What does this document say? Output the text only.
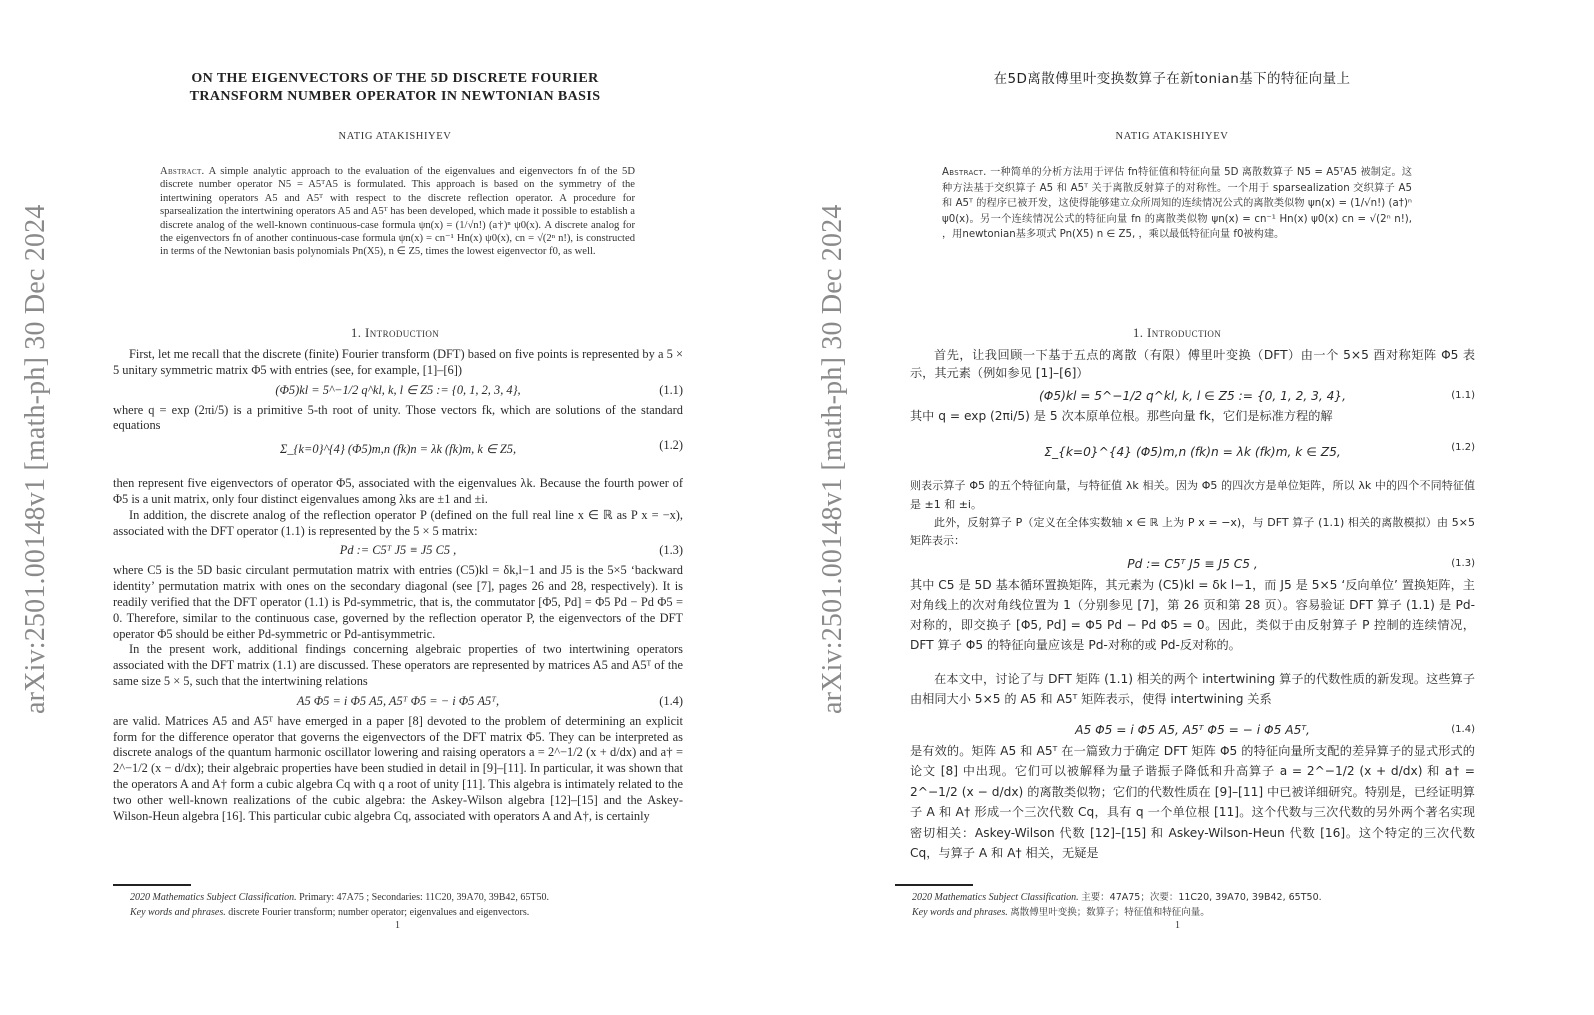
arXiv:2501.00148v1 [math-ph] 30 Dec 2024
ON THE EIGENVECTORS OF THE 5D DISCRETE FOURIER
TRANSFORM NUMBER OPERATOR IN NEWTONIAN BASIS
NATIG ATAKISHIYEV
Abstract. A simple analytic approach to the evaluation of the eigenvalues and eigenvectors fn of the 5D discrete number operator N5 = A5ᵀA5 is formulated. This approach is based on the symmetry of the intertwining operators A5 and A5ᵀ with respect to the discrete reflection operator. A procedure for sparsealization the intertwining operators A5 and A5ᵀ has been developed, which made it possible to establish a discrete analog of the well-known continuous-case formula ψn(x) = (1/√n!) (a†)ⁿ ψ0(x). A discrete analog for the eigenvectors fn of another continuous-case formula ψn(x) = cn⁻¹ Hn(x) ψ0(x), cn = √(2ⁿ n!), is constructed in terms of the Newtonian basis polynomials Pn(X5), n ∈ Z5, times the lowest eigenvector f0, as well.
1. Introduction

First, let me recall that the discrete (finite) Fourier transform (DFT) based on five points is represented by a 5 × 5 unitary symmetric matrix Φ5 with entries (see, for example, [1]–[6])

(Φ5)kl = 5^−1/2 q^kl, k, l ∈ Z5 := {0, 1, 2, 3, 4},	(1.1)

where q = exp (2πi/5) is a primitive 5-th root of unity. Those vectors fk, which are solutions of the standard equations

Σ_{k=0}^{4} (Φ5)m,n (fk)n = λk (fk)m, k ∈ Z5,	(1.2)

then represent five eigenvectors of operator Φ5, associated with the eigenvalues λk. Because the fourth power of Φ5 is a unit matrix, only four distinct eigenvalues among λks are ±1 and ±i.

In addition, the discrete analog of the reflection operator P (defined on the full real line x ∈ ℝ as P x = −x), associated with the DFT operator (1.1) is represented by the 5 × 5 matrix:

Pd := C5ᵀ J5 ≡ J5 C5 ,	(1.3)

where C5 is the 5D basic circulant permutation matrix with entries (C5)kl = δk,l−1 and J5 is the 5×5 ‘backward identity’ permutation matrix with ones on the secondary diagonal (see [7], pages 26 and 28, respectively). It is readily verified that the DFT operator (1.1) is Pd-symmetric, that is, the commutator [Φ5, Pd] = Φ5 Pd − Pd Φ5 = 0. Therefore, similar to the continuous case, governed by the reflection operator P, the eigenvectors of the DFT operator Φ5 should be either Pd-symmetric or Pd-antisymmetric.

In the present work, additional findings concerning algebraic properties of two intertwining operators associated with the DFT matrix (1.1) are discussed. These operators are represented by matrices A5 and A5ᵀ of the same size 5 × 5, such that the intertwining relations

A5 Φ5 = i Φ5 A5, A5ᵀ Φ5 = − i Φ5 A5ᵀ,	(1.4)

are valid. Matrices A5 and A5ᵀ have emerged in a paper [8] devoted to the problem of determining an explicit form for the difference operator that governs the eigenvectors of the DFT matrix Φ5. They can be interpreted as discrete analogs of the quantum harmonic oscillator lowering and raising operators a = 2^−1/2 (x + d/dx) and a† = 2^−1/2 (x − d/dx); their algebraic properties have been studied in detail in [9]–[11]. In particular, it was shown that the operators A and A† form a cubic algebra Cq with q a root of unity [11]. This algebra is intimately related to the two other well-known realizations of the cubic algebra: the Askey-Wilson algebra [12]–[15] and the Askey-Wilson-Heun algebra [16]. This particular cubic algebra Cq, associated with operators A and A†, is certainly

2020 Mathematics Subject Classification. Primary: 47A75 ; Secondaries: 11C20, 39A70, 39B42, 65T50.
Key words and phrases. discrete Fourier transform; number operator; eigenvalues and eigenvectors.
1
arXiv:2501.00148v1 [math-ph] 30 Dec 2024
在5D离散傅里叶变换数算子在新tonian基下的特征向量上
NATIG ATAKISHIYEV
Abstract. 一种简单的分析方法用于评估 fn特征值和特征向量 5D 离散数算子 N5 = A5ᵀA5 被制定。这种方法基于交织算子 A5 和 A5ᵀ 关于离散反射算子的对称性。一个用于 sparsealization 交织算子 A5 和 A5ᵀ 的程序已被开发，这使得能够建立众所周知的连续情况公式的离散类似物 ψn(x) = (1/√n!) (a†)ⁿ ψ0(x)。另一个连续情况公式的特征向量 fn 的离散类似物 ψn(x) = cn⁻¹ Hn(x) ψ0(x) cn = √(2ⁿ n!), ，用newtonian基多项式 Pn(X5) n ∈ Z5, ，乘以最低特征向量 f0被构建。
1. Introduction

首先，让我回顾一下基于五点的离散（有限）傅里叶变换（DFT）由一个 5×5 酉对称矩阵 Φ5 表示，其元素（例如参见 [1]–[6]）

(Φ5)kl = 5^−1/2 q^kl, k, l ∈ Z5 := {0, 1, 2, 3, 4},	(1.1)

其中 q = exp (2πi/5) 是 5 次本原单位根。那些向量 fk，它们是标准方程的解

Σ_{k=0}^{4} (Φ5)m,n (fk)n = λk (fk)m, k ∈ Z5,	(1.2)

则表示算子 Φ5 的五个特征向量，与特征值 λk 相关。因为 Φ5 的四次方是单位矩阵，所以 λk 中的四个不同特征值是 ±1 和 ±i。

此外，反射算子 P（定义在全体实数轴 x ∈ ℝ 上为 P x = −x)，与 DFT 算子 (1.1) 相关的离散模拟）由 5×5 矩阵表示：

Pd := C5ᵀ J5 ≡ J5 C5 ,	(1.3)

其中 C5 是 5D 基本循环置换矩阵，其元素为 (C5)kl = δk l−1，而 J5 是 5×5 ‘反向单位’ 置换矩阵，主对角线上的次对角线位置为 1（分别参见 [7]，第 26 页和第 28 页）。容易验证 DFT 算子 (1.1) 是 Pd-对称的，即交换子 [Φ5, Pd] = Φ5 Pd − Pd Φ5 = 0。因此，类似于由反射算子 P 控制的连续情况，DFT 算子 Φ5 的特征向量应该是 Pd-对称的或 Pd-反对称的。

在本文中，讨论了与 DFT 矩阵 (1.1) 相关的两个 intertwining 算子的代数性质的新发现。这些算子由相同大小 5×5 的 A5 和 A5ᵀ 矩阵表示，使得 intertwining 关系

A5 Φ5 = i Φ5 A5, A5ᵀ Φ5 = − i Φ5 A5ᵀ,	(1.4)

是有效的。矩阵 A5 和 A5ᵀ 在一篇致力于确定 DFT 矩阵 Φ5 的特征向量所支配的差异算子的显式形式的论文 [8] 中出现。它们可以被解释为量子谐振子降低和升高算子 a = 2^−1/2 (x + d/dx) 和 a† = 2^−1/2 (x − d/dx) 的离散类似物；它们的代数性质在 [9]–[11] 中已被详细研究。特别是，已经证明算子 A 和 A† 形成一个三次代数 Cq，具有 q 一个单位根 [11]。这个代数与三次代数的另外两个著名实现密切相关：Askey-Wilson 代数 [12]–[15] 和 Askey-Wilson-Heun 代数 [16]。这个特定的三次代数 Cq，与算子 A 和 A† 相关，无疑是

2020 Mathematics Subject Classification. 主要：47A75；次要：11C20, 39A70, 39B42, 65T50.
Key words and phrases. 离散傅里叶变换；数算子；特征值和特征向量。
1
